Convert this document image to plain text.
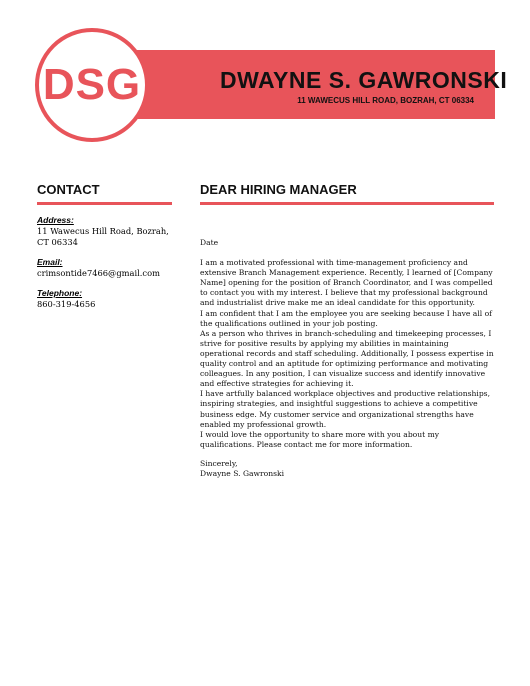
DSG	DWAYNE S. GAWRONSKI
11 WAWECUS HILL ROAD, BOZRAH, CT 06334
CONTACT
Address:
11 Wawecus Hill Road, Bozrah,
CT 06334
Email:
crimsontide7466@gmail.com
Telephone:
860-319-4656
DEAR HIRING MANAGER
Date

I am a motivated professional with time-management proficiency and extensive Branch Management experience. Recently, I learned of [Company Name] opening for the position of Branch Coordinator, and I was compelled to contact you with my interest. I believe that my professional background and industrialist drive make me an ideal candidate for this opportunity.

I am confident that I am the employee you are seeking because I have all of the qualifications outlined in your job posting.

As a person who thrives in branch-scheduling and timekeeping processes, I strive for positive results by applying my abilities in maintaining operational records and staff scheduling. Additionally, I possess expertise in quality control and an aptitude for optimizing performance and motivating colleagues. In any position, I can visualize success and identify innovative and effective strategies for achieving it.

I have artfully balanced workplace objectives and productive relationships, inspiring strategies, and insightful suggestions to achieve a competitive business edge. My customer service and organizational strengths have enabled my professional growth.

I would love the opportunity to share more with you about my qualifications. Please contact me for more information.

Sincerely,
Dwayne S. Gawronski
